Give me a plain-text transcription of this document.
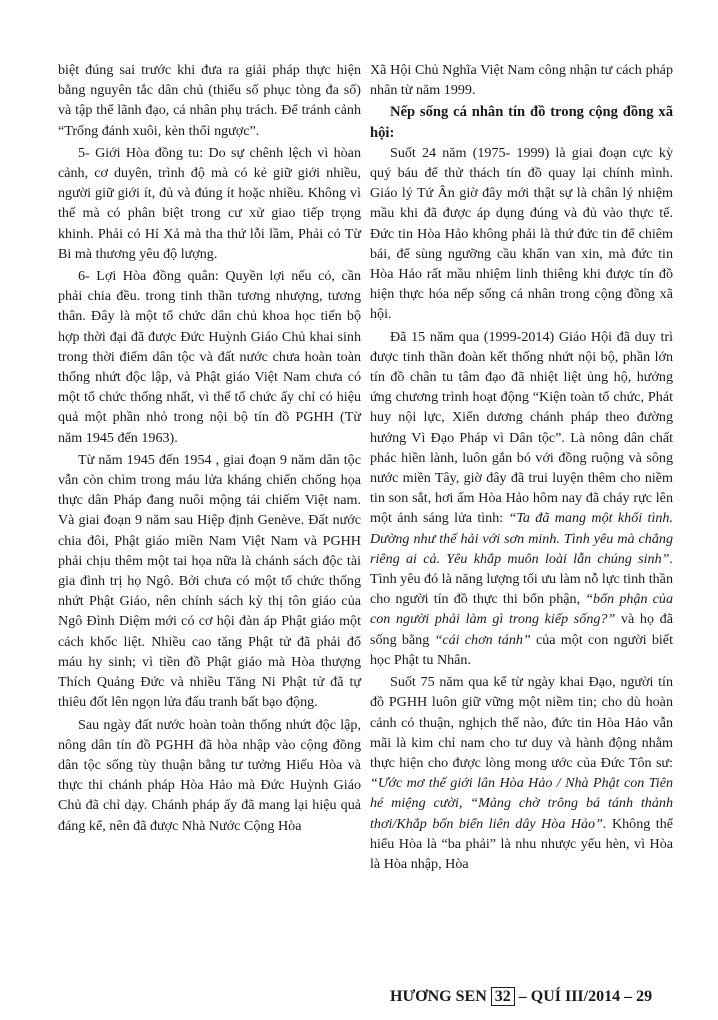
biệt đúng sai trước khi đưa ra giải pháp thực hiện bằng nguyên tắc dân chủ (thiểu số phục tòng đa số) và tập thể lãnh đạo, cá nhân phụ trách. Để tránh cảnh “Trống đánh xuôi, kèn thổi ngược”.

5- Giới Hòa đồng tu: Do sự chênh lệch vì hòan cảnh, cơ duyên, trình độ mà có kẻ giữ giới nhiều, người giữ giới ít, đủ và đúng ít hoặc nhiều. Không vì thế mà có phân biệt trong cư xử giao tiếp trọng khinh. Phải có Hỉ Xả mà tha thứ lỗi lầm, Phải có Từ Bi mà thương yêu độ lượng.

6- Lợi Hòa đồng quân: Quyền lợi nếu có, cần phải chia đều. trong tinh thần tương nhượng, tương thân. Đây là một tổ chức dân chủ khoa học tiến bộ hợp thời đại đã được Đức Huỳnh Giáo Chủ khai sinh trong thời điểm dân tộc và đất nước chưa hoàn toàn thống nhứt độc lập, và Phật giáo Việt Nam chưa có một tổ chức thống nhất, vì thế tổ chức ấy chỉ có hiệu quả một phần nhỏ trong nội bộ tín đồ PGHH (Từ năm 1945 đến 1963).

Từ năm 1945 đến 1954 , giai đoạn 9 năm dân tộc vẫn còn chìm trong máu lửa kháng chiến chống họa thực dân Pháp đang nuôi mộng tái chiếm Việt nam. Và giai đoạn 9 năm sau Hiệp định Genève. Đất nước chia đôi, Phật giáo miền Nam Việt Nam và PGHH phải chịu thêm một tai họa nữa là chánh sách độc tài gia đình trị họ Ngô. Bởi chưa có một tổ chức thống nhứt Phật Giáo, nên chính sách kỳ thị tôn giáo của Ngô Đình Diệm mới có cơ hội đàn áp Phật giáo một cách khốc liệt. Nhiều cao tăng Phật tử đã phải đổ máu hy sinh; vì tiền đồ Phật giáo mà Hòa thượng Thích Quảng Đức và nhiều Tăng Ni Phật tử đã tự thiêu đốt lên ngọn lửa đấu tranh bất bạo động.

Sau ngày đất nước hoàn toàn thống nhứt độc lập, nông dân tín đồ PGHH đã hòa nhập vào cộng đồng dân tộc sống tùy thuận bằng tư tưởng Hiếu Hòa và thực thi chánh pháp Hòa Hảo mà Đức Huỳnh Giáo Chủ đã chỉ dạy. Chánh pháp ấy đã mang lại hiệu quả đáng kể, nên đã được Nhà Nước Cộng Hòa

Xã Hội Chủ Nghĩa Việt Nam công nhận tư cách pháp nhân từ năm 1999.

Nếp sống cá nhân tín đồ trong cộng đồng xã hội:

Suốt 24 năm (1975- 1999) là giai đoạn cực kỳ quý báu để thử thách tín đồ quay lại chính mình. Giáo lý Tứ Ân giờ đây mới thật sự là chân lý nhiệm mầu khi đã được áp dụng đúng và đủ vào thực tế. Đức tin Hòa Hảo không phải là thứ đức tin để chiêm bái, để sùng ngưỡng cầu khẩn van xin, mà đức tin Hòa Hảo rất mầu nhiệm linh thiêng khi được tín đồ hiện thực hóa nếp sống cá nhân trong cộng đồng xã hội.

Đã 15 năm qua (1999-2014) Giáo Hội đã duy trì được tinh thần đoàn kết thống nhứt nội bộ, phần lớn tín đồ chân tu tâm đạo đã nhiệt liệt ủng hộ, hưởng ứng chương trình hoạt động “Kiện toàn tổ chức, Phát huy nội lực, Xiển dương chánh pháp theo đường hướng Vì Đạo Pháp vì Dân tộc”. Là nông dân chất phác hiền lành, luôn gắn bó với đồng ruộng và sông nước miền Tây, giờ đây đã trui luyện thêm cho niềm tin son sắt, hơi ấm Hòa Hảo hôm nay đã cháy rực lên một ánh sáng lửa tình: “Ta đã mang một khối tình. Dường như thế hải với sơn minh. Tình yêu mà chẳng riêng ai cả. Yêu khắp muôn loài lẫn chúng sinh”. Tình yêu đó là năng lượng tối ưu làm nỗ lực tinh thần cho người tín đồ thực thi bổn phận, “bổn phận của con người phải làm gì trong kiếp sống?” và họ đã sống bằng “cái chơn tánh” của một con người biết học Phật tu Nhân.

Suốt 75 năm qua kể từ ngày khai Đạo, người tín đồ PGHH luôn giữ vững một niềm tin; cho dù hoàn cảnh có thuận, nghịch thế nào, đức tin Hòa Hảo vẫn mãi là kim chỉ nam cho tư duy và hành động nhằm thực hiện cho được lòng mong ước của Đức Tôn sư: “Ước mơ thế giới lân Hòa Hảo / Nhà Phật con Tiên hé miệng cười, “Mảng chờ trông bá tánh thảnh thơi/Khắp bốn biển liên dây Hòa Hảo”. Không thể hiểu Hòa là “ba phải” là nhu nhược yếu hèn, vì Hòa là Hòa nhập, Hòa

HƯƠNG SEN 32 – QUÍ III/2014 – 29
